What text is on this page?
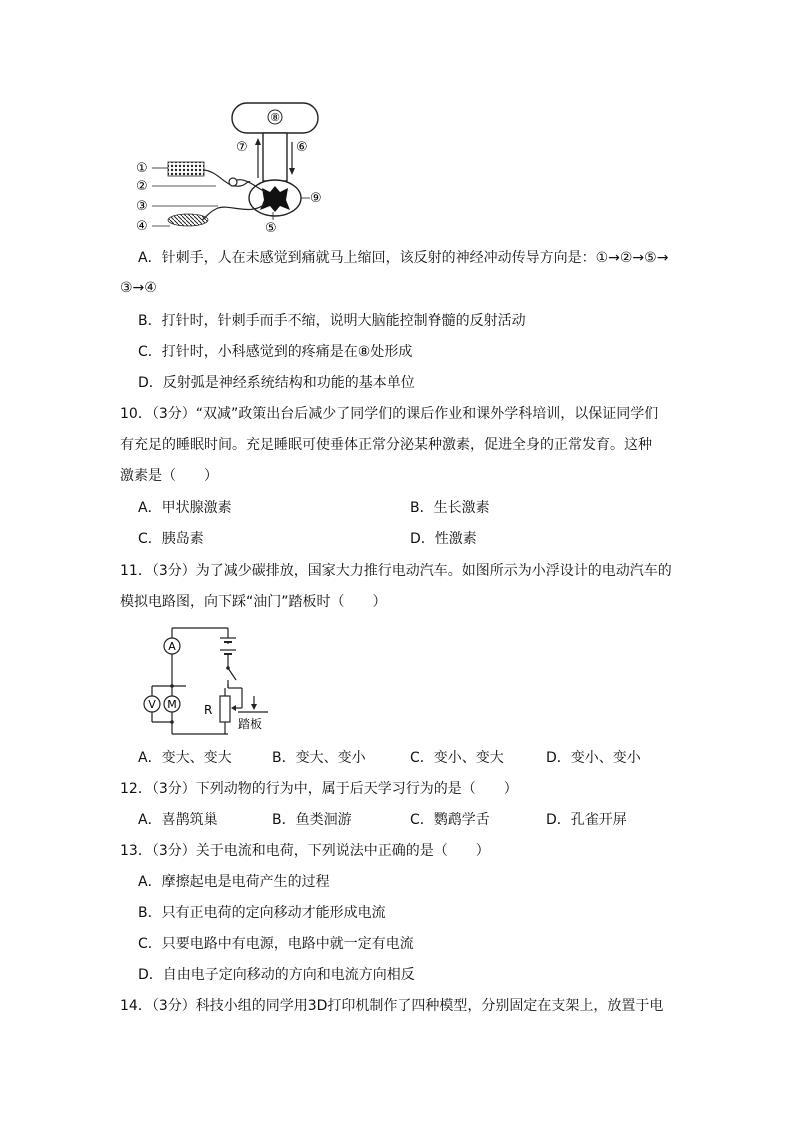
⑧
⑦	⑥
⑨
⑤
①
②
③
④
A．针刺手，人在未感觉到痛就马上缩回，该反射的神经冲动传导方向是：①→②→⑤→
③→④
B．打针时，针刺手而手不缩，说明大脑能控制脊髓的反射活动
C．打针时，小科感觉到的疼痛是在⑧处形成
D．反射弧是神经系统结构和功能的基本单位
10．（3分）“双减”政策出台后减少了同学们的课后作业和课外学科培训，以保证同学们
有充足的睡眠时间。充足睡眠可使垂体正常分泌某种激素，促进全身的正常发育。这种
激素是（　　）
A．甲状腺激素	B．生长激素
C．胰岛素	D．性激素
11．（3分）为了减少碳排放，国家大力推行电动汽车。如图所示为小浮设计的电动汽车的
模拟电路图，向下踩“油门”踏板时（　　）
A
V M R
踏板
A．变大、变大	B．变大、变小	C．变小、变大	D．变小、变小
12．（3分）下列动物的行为中，属于后天学习行为的是（　　）
A．喜鹊筑巢	B．鱼类洄游	C．鹦鹉学舌	D．孔雀开屏
13．（3分）关于电流和电荷，下列说法中正确的是（　　）
A．摩擦起电是电荷产生的过程
B．只有正电荷的定向移动才能形成电流
C．只要电路中有电源，电路中就一定有电流
D．自由电子定向移动的方向和电流方向相反
14．（3分）科技小组的同学用3D打印机制作了四种模型，分别固定在支架上，放置于电
